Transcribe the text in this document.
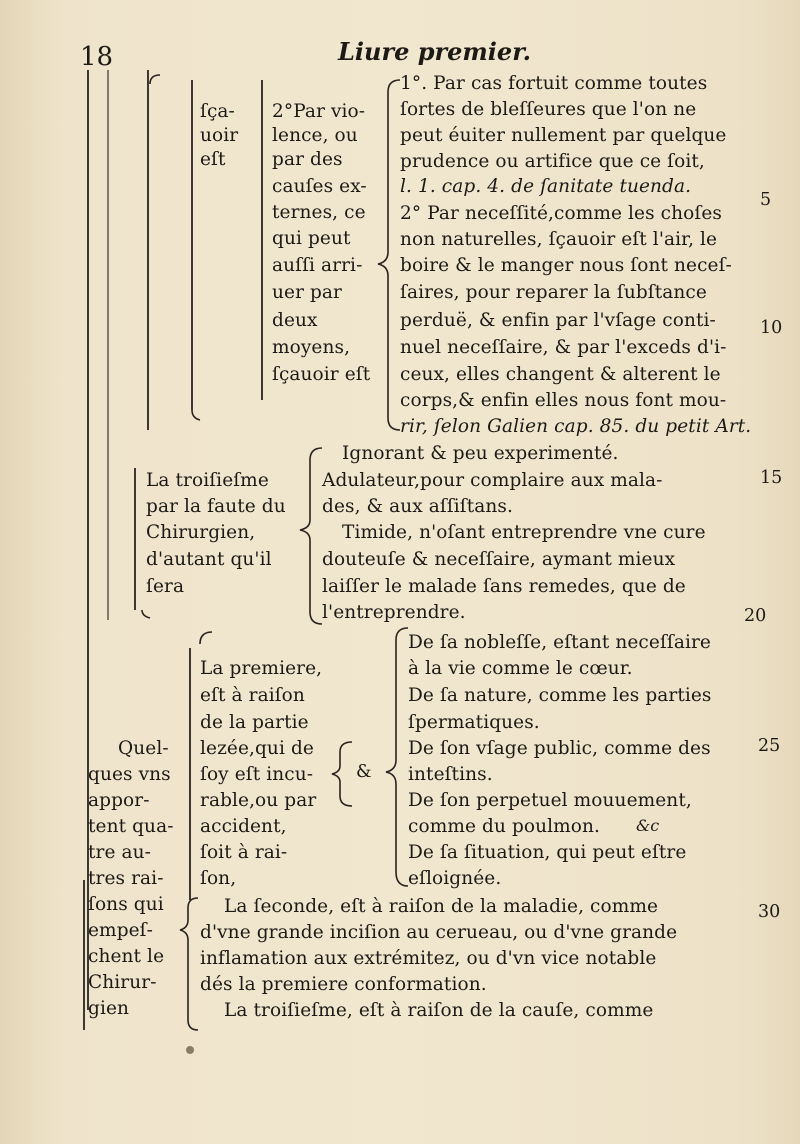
18	Liure premier.
5
10
15
20
25
30
ſça-
uoir
eſt
2°Par vio-
lence, ou
par des
cauſes ex-
ternes, ce
qui peut
auſſi arri-
uer par
deux
moyens,
ſçauoir eſt
1°. Par cas fortuit comme toutes
ſortes de bleſſeures que l'on ne
peut éuiter nullement par quelque
prudence ou artifice que ce ſoit,
l. 1. cap. 4. de ſanitate tuenda.
2° Par neceſſité,comme les choſes
non naturelles, ſçauoir eſt l'air, le
boire & le manger nous ſont neceſ-
ſaires, pour reparer la ſubſtance
perduë, & enfin par l'vſage conti-
nuel neceſſaire, & par l'exceds d'i-
ceux, elles changent & alterent le
corps,& enfin elles nous font mou-
rir, ſelon Galien cap. 85. du petit Art.
La troiſieſme
par la faute du
Chirurgien,
d'autant qu'il
ſera
Ignorant & peu experimenté.
Adulateur,pour complaire aux mala-
des, & aux aſſiſtans.
Timide, n'oſant entreprendre vne cure
douteuſe & neceſſaire, aymant mieux
laiſſer le malade ſans remedes, que de
l'entreprendre.
Quel-
ques vns
appor-
tent qua-
tre au-
tres rai-
ſons qui
empeſ-
chent le
Chirur-
gien
La premiere,
eſt à raiſon
de la partie
lezée,qui de
ſoy eſt incu-
rable,ou par
accident,
ſoit à rai-
ſon,
&
De ſa nobleſſe, eſtant neceſſaire
à la vie comme le cœur.
De ſa nature, comme les parties
ſpermatiques.
De ſon vſage public, comme des
inteſtins.
De ſon perpetuel mouuement,
comme du poulmon. &c
De ſa ſituation, qui peut eſtre
eſloignée.
La ſeconde, eſt à raiſon de la maladie, comme
d'vne grande inciſion au cerueau, ou d'vne grande
inflamation aux extrémitez, ou d'vn vice notable
dés la premiere conformation.
La troiſieſme, eſt à raiſon de la cauſe, comme
